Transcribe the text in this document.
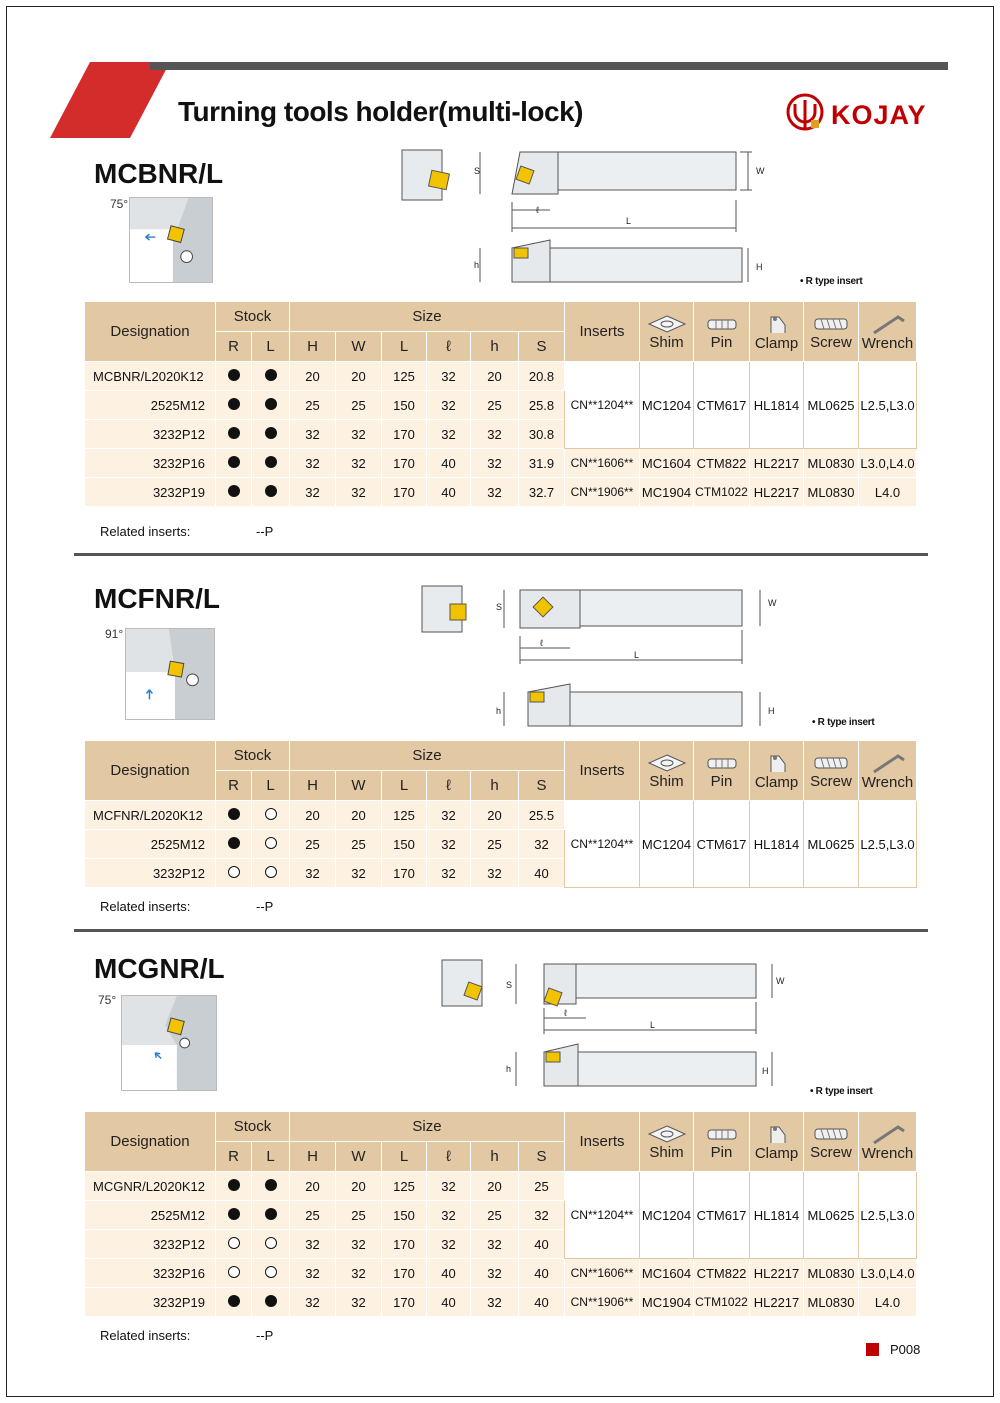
Turning tools holder(multi-lock)	KOJAY
MCBNR/L
75°
S	W
L
ℓ
h	H
• R type insert
Designation	Stock		Size						Inserts	Shim	Pin	Clamp	Screw	Wrench

	R	L	H	W	L	ℓ	h	S						
MCBNR/L2020K12			20	20	125	32	20	20.8	CN**1204**	MC1204	CTM617	HL1814	ML0625	L2.5,L3.0
2525M12			25	25	150	32	25	25.8						
3232P12			32	32	170	32	32	30.8						
3232P16			32	32	170	40	32	31.9	CN**1606**	MC1604	CTM822	HL2217	ML0830	L3.0,L4.0
3232P19			32	32	170	40	32	32.7	CN**1906**	MC1904	CTM1022	HL2217	ML0830	L4.0
Related inserts:	--P
MCFNR/L
91°
S	W
L
ℓ
h	H
• R type insert
Designation	Stock		Size						Inserts	Shim	Pin	Clamp	Screw	Wrench

	R	L	H	W	L	ℓ	h	S						
MCFNR/L2020K12			20	20	125	32	20	25.5	CN**1204**	MC1204	CTM617	HL1814	ML0625	L2.5,L3.0
2525M12			25	25	150	32	25	32						
3232P12			32	32	170	32	32	40						
Related inserts:	--P
MCGNR/L
75°
S	W
L
ℓ
h	H
• R type insert
Designation	Stock		Size						Inserts	Shim	Pin	Clamp	Screw	Wrench

	R	L	H	W	L	ℓ	h	S						
MCGNR/L2020K12			20	20	125	32	20	25	CN**1204**	MC1204	CTM617	HL1814	ML0625	L2.5,L3.0
2525M12			25	25	150	32	25	32						
3232P12			32	32	170	32	32	40						
3232P16			32	32	170	40	32	40	CN**1606**	MC1604	CTM822	HL2217	ML0830	L3.0,L4.0
3232P19			32	32	170	40	32	40	CN**1906**	MC1904	CTM1022	HL2217	ML0830	L4.0
Related inserts:	--P
P008
